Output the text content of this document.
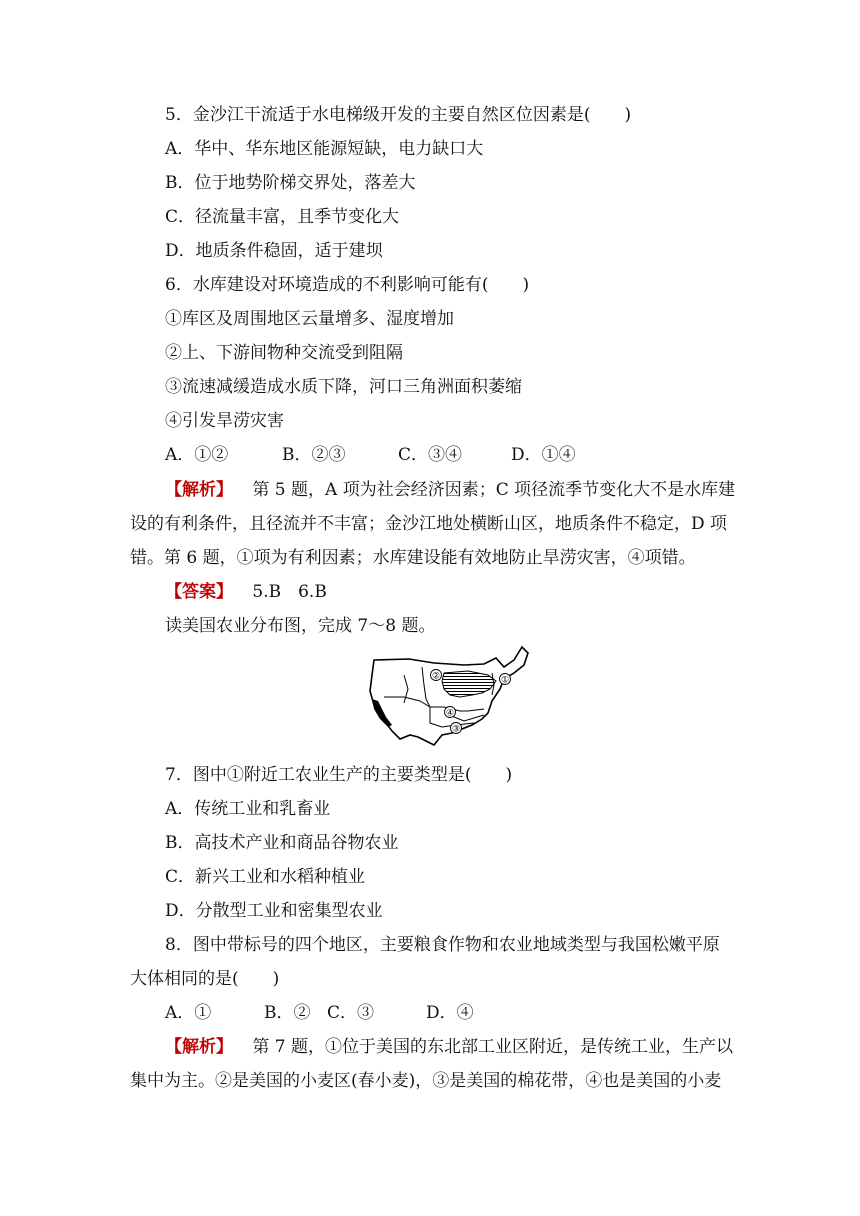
5．金沙江干流适于水电梯级开发的主要自然区位因素是(　　)
A．华中、华东地区能源短缺，电力缺口大
B．位于地势阶梯交界处，落差大
C．径流量丰富，且季节变化大
D．地质条件稳固，适于建坝
6．水库建设对环境造成的不利影响可能有(　　)
①库区及周围地区云量增多、湿度增加
②上、下游间物种交流受到阻隔
③流速减缓造成水质下降，河口三角洲面积萎缩
④引发旱涝灾害
A．①②	B．②③	C．③④	D．①④
【解析】 第 5 题，A 项为社会经济因素；C 项径流季节变化大不是水库建
设的有利条件，且径流并不丰富；金沙江地处横断山区，地质条件不稳定，D 项
错。第 6 题，①项为有利因素；水库建设能有效地防止旱涝灾害，④项错。
【答案】 5.B　6.B
读美国农业分布图，完成 7～8 题。
①
②
③
④
7．图中①附近工农业生产的主要类型是(　　)
A．传统工业和乳畜业
B．高技术产业和商品谷物农业
C．新兴工业和水稻种植业
D．分散型工业和密集型农业
8．图中带标号的四个地区，主要粮食作物和农业地域类型与我国松嫩平原
大体相同的是(　　)
A．①	B．② C．③	D．④
【解析】 第 7 题，①位于美国的东北部工业区附近，是传统工业，生产以
集中为主。②是美国的小麦区(春小麦)，③是美国的棉花带，④也是美国的小麦
